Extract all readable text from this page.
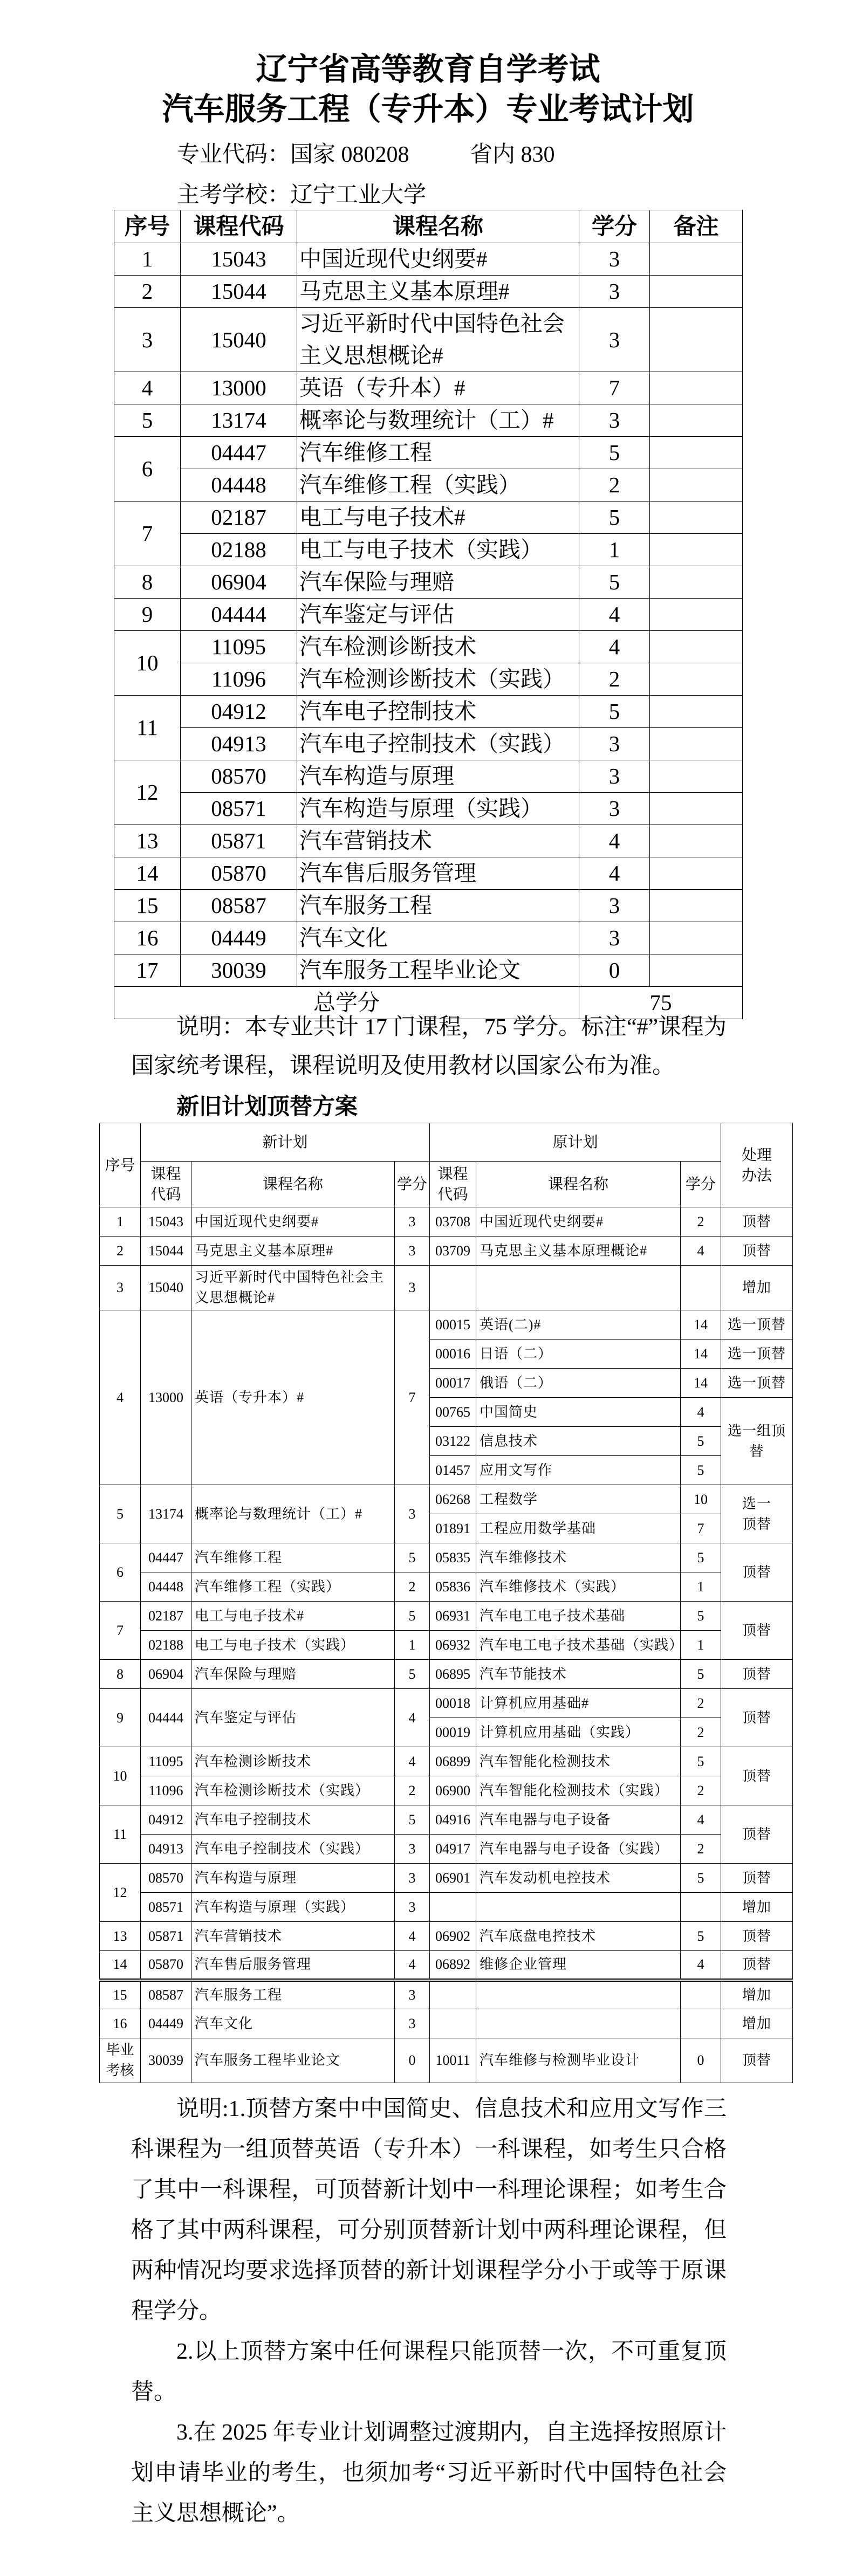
辽宁省高等教育自学考试
汽车服务工程（专升本）专业考试计划
专业代码：国家 080208	省内 830
主考学校：辽宁工业大学
序号	课程代码	课程名称	学分	备注
1	15043	中国近现代史纲要#	3	
2	15044	马克思主义基本原理#	3	
3	15040	习近平新时代中国特色社会主义思想概论#	3	
4	13000	英语（专升本）#	7	
5	13174	概率论与数理统计（工）#	3	
6	04447	汽车维修工程	5	
	04448	汽车维修工程（实践）	2	
7	02187	电工与电子技术#	5	
	02188	电工与电子技术（实践）	1	
8	06904	汽车保险与理赔	5	
9	04444	汽车鉴定与评估	4	
10	11095	汽车检测诊断技术	4	
	11096	汽车检测诊断技术（实践）	2	
11	04912	汽车电子控制技术	5	
	04913	汽车电子控制技术（实践）	3	
12	08570	汽车构造与原理	3	
	08571	汽车构造与原理（实践）	3	
13	05871	汽车营销技术	4	
14	05870	汽车售后服务管理	4	
15	08587	汽车服务工程	3	
16	04449	汽车文化	3	
17	30039	汽车服务工程毕业论文	0	
总学分			75	

说明：本专业共计 17 门课程，75 学分。标注“#”课程为国家统考课程，课程说明及使用教材以国家公布为准。

新旧计划顶替方案
序号	新计划			原计划			处理办法
	课程代码	课程名称	学分	课程代码	课程名称	学分	
1	15043	中国近现代史纲要#	3	03708	中国近现代史纲要#	2	顶替
2	15044	马克思主义基本原理#	3	03709	马克思主义基本原理概论#	4	顶替
3	15040	习近平新时代中国特色社会主义思想概论#	3				增加
4	13000	英语（专升本）#	7	00015	英语(二)#	14	选一顶替
				00016	日语（二）	14	选一顶替
				00017	俄语（二）	14	选一顶替
				00765	中国简史	4	选一组顶替
				03122	信息技术	5	
				01457	应用文写作	5	
5	13174	概率论与数理统计（工）#	3	06268	工程数学	10	选一顶替
				01891	工程应用数学基础	7	
6	04447	汽车维修工程	5	05835	汽车维修技术	5	顶替
	04448	汽车维修工程（实践）	2	05836	汽车维修技术（实践）	1	
7	02187	电工与电子技术#	5	06931	汽车电工电子技术基础	5	顶替
	02188	电工与电子技术（实践）	1	06932	汽车电工电子技术基础（实践）	1	
8	06904	汽车保险与理赔	5	06895	汽车节能技术	5	顶替
9	04444	汽车鉴定与评估	4	00018	计算机应用基础#	2	顶替
				00019	计算机应用基础（实践）	2	
10	11095	汽车检测诊断技术	4	06899	汽车智能化检测技术	5	顶替
	11096	汽车检测诊断技术（实践）	2	06900	汽车智能化检测技术（实践）	2	
11	04912	汽车电子控制技术	5	04916	汽车电器与电子设备	4	顶替
	04913	汽车电子控制技术（实践）	3	04917	汽车电器与电子设备（实践）	2	
12	08570	汽车构造与原理	3	06901	汽车发动机电控技术	5	顶替
	08571	汽车构造与原理（实践）	3				增加
13	05871	汽车营销技术	4	06902	汽车底盘电控技术	5	顶替
14	05870	汽车售后服务管理	4	06892	维修企业管理	4	顶替
15	08587	汽车服务工程	3				增加
16	04449	汽车文化	3				增加
毕业考核	30039	汽车服务工程毕业论文	0	10011	汽车维修与检测毕业设计	0	顶替

说明:1.顶替方案中中国简史、信息技术和应用文写作三科课程为一组顶替英语（专升本）一科课程，如考生只合格了其中一科课程，可顶替新计划中一科理论课程；如考生合格了其中两科课程，可分别顶替新计划中两科理论课程，但两种情况均要求选择顶替的新计划课程学分小于或等于原课程学分。

2.以上顶替方案中任何课程只能顶替一次，不可重复顶替。

3.在 2025 年专业计划调整过渡期内，自主选择按照原计划申请毕业的考生，也须加考“习近平新时代中国特色社会主义思想概论”。
